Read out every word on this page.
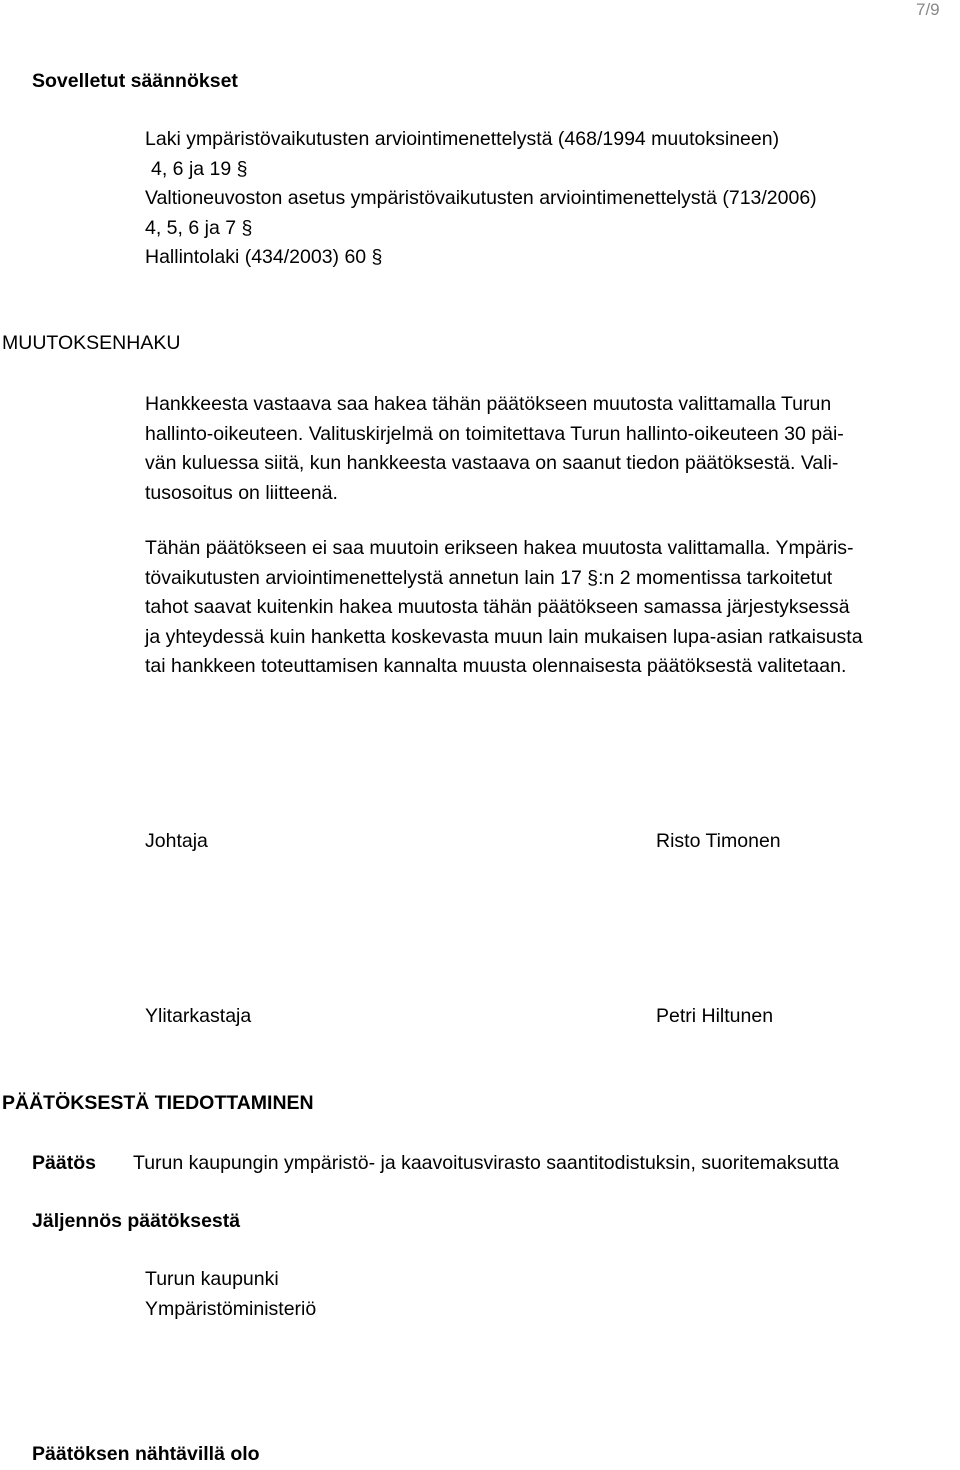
7/9
Sovelletut säännökset
Laki ympäristövaikutusten arviointimenettelystä (468/1994 muutoksineen)
4, 6 ja 19 §
Valtioneuvoston asetus ympäristövaikutusten arviointimenettelystä (713/2006)
4, 5, 6 ja 7 §
Hallintolaki (434/2003) 60 §
MUUTOKSENHAKU
Hankkeesta vastaava saa hakea tähän päätökseen muutosta valittamalla Turun
hallinto-oikeuteen. Valituskirjelmä on toimitettava Turun hallinto-oikeuteen 30 päi-
vän kuluessa siitä, kun hankkeesta vastaava on saanut tiedon päätöksestä. Vali-
tusosoitus on liitteenä.
Tähän päätökseen ei saa muutoin erikseen hakea muutosta valittamalla. Ympäris-
tövaikutusten arviointimenettelystä annetun lain 17 §:n 2 momentissa tarkoitetut
tahot saavat kuitenkin hakea muutosta tähän päätökseen samassa järjestyksessä
ja yhteydessä kuin hanketta koskevasta muun lain mukaisen lupa-asian ratkaisusta
tai hankkeen toteuttamisen kannalta muusta olennaisesta päätöksestä valitetaan.
Johtaja	Risto Timonen
Ylitarkastaja	Petri Hiltunen
PÄÄTÖKSESTÄ TIEDOTTAMINEN
Päätös Turun kaupungin ympäristö- ja kaavoitusvirasto saantitodistuksin, suoritemaksutta
Jäljennös päätöksestä
Turun kaupunki
Ympäristöministeriö
Päätöksen nähtävillä olo
